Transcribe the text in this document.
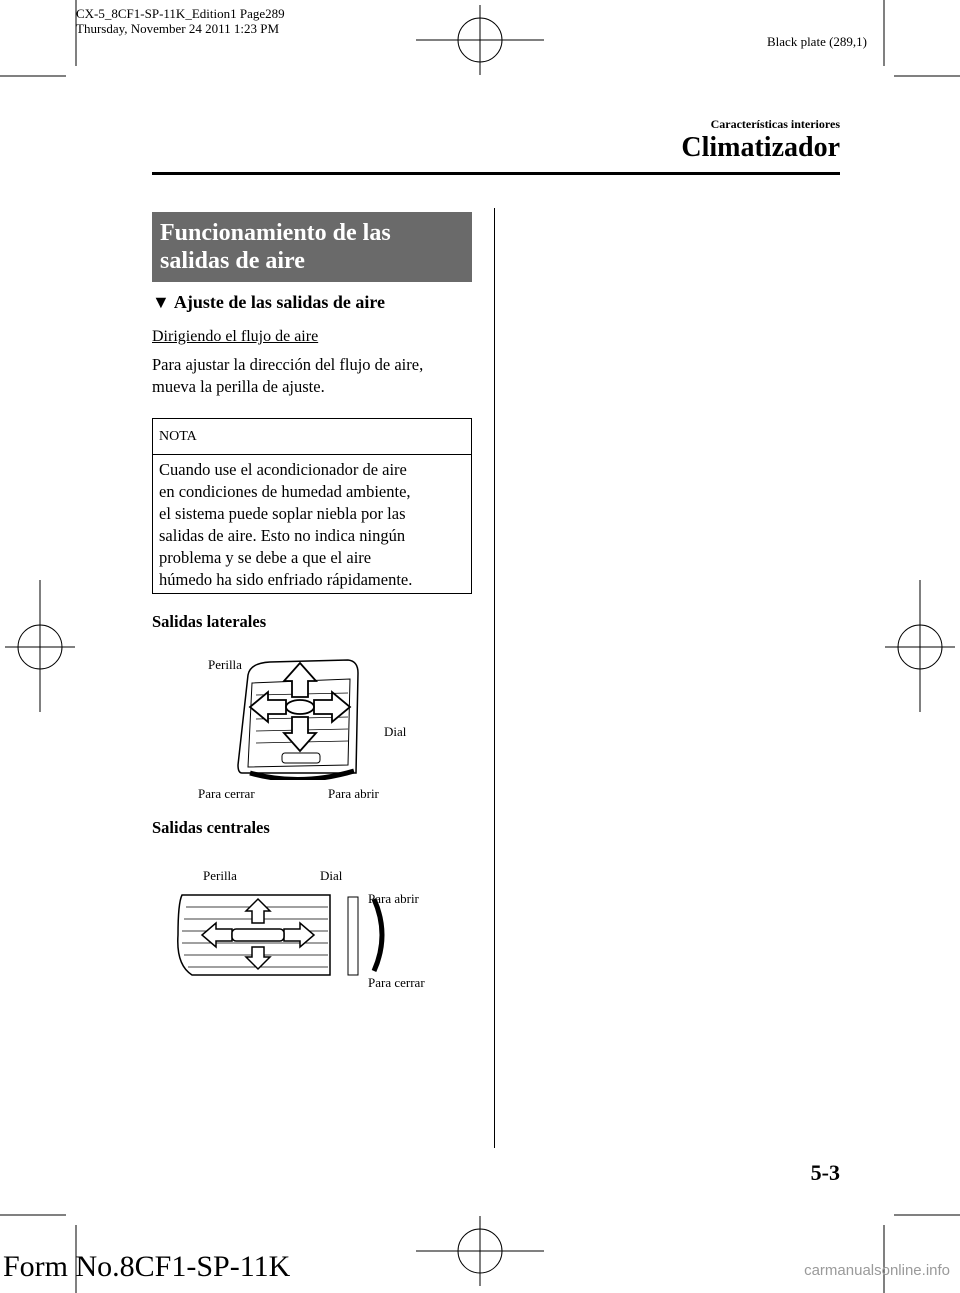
CX-5_8CF1-SP-11K_Edition1 Page289
Thursday, November 24 2011 1:23 PM
Black plate (289,1)
Características interiores
Climatizador
Funcionamiento de las
salidas de aire
▼ Ajuste de las salidas de aire
Dirigiendo el flujo de aire
Para ajustar la dirección del flujo de aire,
mueva la perilla de ajuste.
NOTA
Cuando use el acondicionador de aire
en condiciones de humedad ambiente,
el sistema puede soplar niebla por las
salidas de aire. Esto no indica ningún
problema y se debe a que el aire
húmedo ha sido enfriado rápidamente.
Salidas laterales
Perilla
Dial
Para cerrar	Para abrir
Salidas centrales
Perilla	Dial
Para abrir
Para cerrar
5-3
Form No.8CF1-SP-11K	carmanualsonline.info
